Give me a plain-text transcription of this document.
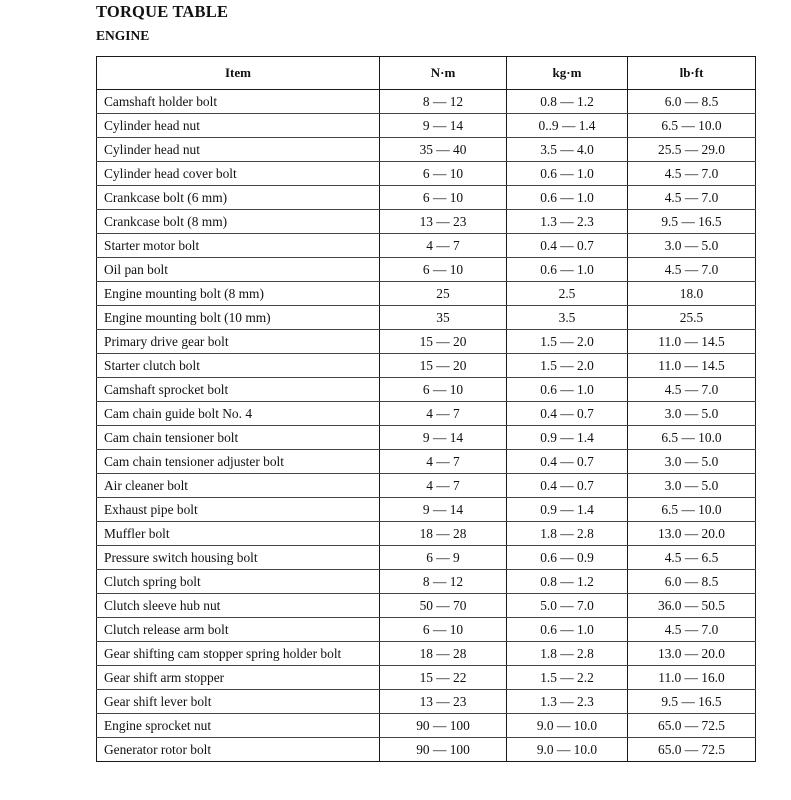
TORQUE TABLE
ENGINE
Item	N·m	kg·m	lb·ft
Camshaft holder bolt	8 — 12	0.8 — 1.2	6.0 — 8.5
Cylinder head nut	9 — 14	0..9 — 1.4	6.5 — 10.0
Cylinder head nut	35 — 40	3.5 — 4.0	25.5 — 29.0
Cylinder head cover bolt	6 — 10	0.6 — 1.0	4.5 — 7.0
Crankcase bolt (6 mm)	6 — 10	0.6 — 1.0	4.5 — 7.0
Crankcase bolt (8 mm)	13 — 23	1.3 — 2.3	9.5 — 16.5
Starter motor bolt	4 — 7	0.4 — 0.7	3.0 — 5.0
Oil pan bolt	6 — 10	0.6 — 1.0	4.5 — 7.0
Engine mounting bolt (8 mm)	25	2.5	18.0
Engine mounting bolt (10 mm)	35	3.5	25.5
Primary drive gear bolt	15 — 20	1.5 — 2.0	11.0 — 14.5
Starter clutch bolt	15 — 20	1.5 — 2.0	11.0 — 14.5
Camshaft sprocket bolt	6 — 10	0.6 — 1.0	4.5 — 7.0
Cam chain guide bolt No. 4	4 — 7	0.4 — 0.7	3.0 — 5.0
Cam chain tensioner bolt	9 — 14	0.9 — 1.4	6.5 — 10.0
Cam chain tensioner adjuster bolt	4 — 7	0.4 — 0.7	3.0 — 5.0
Air cleaner bolt	4 — 7	0.4 — 0.7	3.0 — 5.0
Exhaust pipe bolt	9 — 14	0.9 — 1.4	6.5 — 10.0
Muffler bolt	18 — 28	1.8 — 2.8	13.0 — 20.0
Pressure switch housing bolt	6 — 9	0.6 — 0.9	4.5 — 6.5
Clutch spring bolt	8 — 12	0.8 — 1.2	6.0 — 8.5
Clutch sleeve hub nut	50 — 70	5.0 — 7.0	36.0 — 50.5
Clutch release arm bolt	6 — 10	0.6 — 1.0	4.5 — 7.0
Gear shifting cam stopper spring holder bolt	18 — 28	1.8 — 2.8	13.0 — 20.0
Gear shift arm stopper	15 — 22	1.5 — 2.2	11.0 — 16.0
Gear shift lever bolt	13 — 23	1.3 — 2.3	9.5 — 16.5
Engine sprocket nut	90 — 100	9.0 — 10.0	65.0 — 72.5
Generator rotor bolt	90 — 100	9.0 — 10.0	65.0 — 72.5
